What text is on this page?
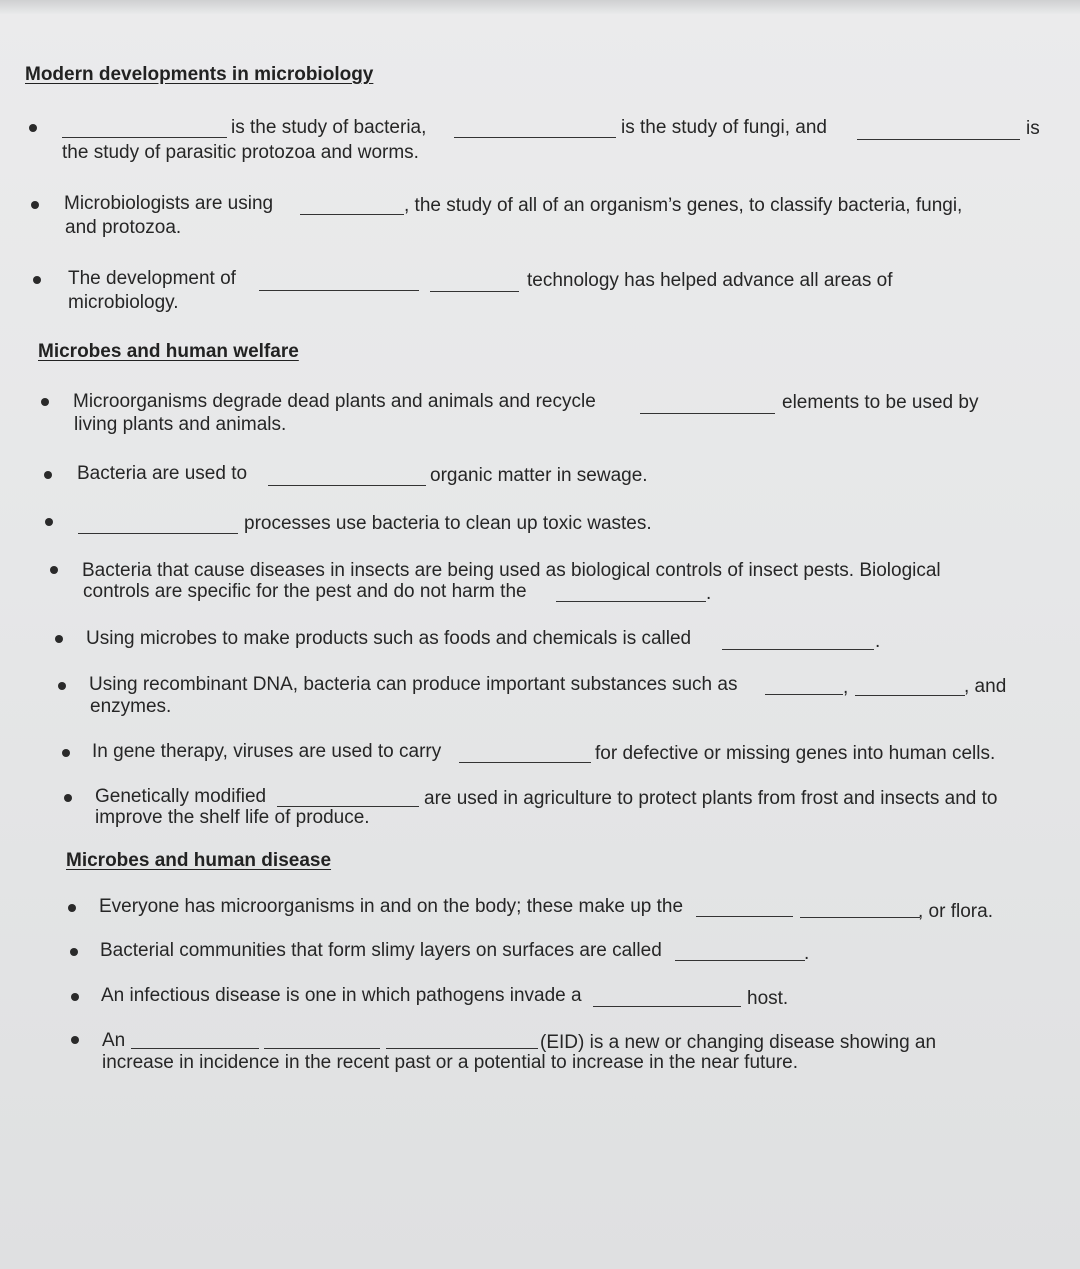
Modern developments in microbiology
is the study of bacteria,	is the study of fungi, and	is
the study of parasitic protozoa and worms.
Microbiologists are using	, the study of all of an organism’s genes, to classify bacteria, fungi,
and protozoa.
The development of	technology has helped advance all areas of
microbiology.
Microbes and human welfare
Microorganisms degrade dead plants and animals and recycle	elements to be used by
living plants and animals.
Bacteria are used to	organic matter in sewage.
processes use bacteria to clean up toxic wastes.
Bacteria that cause diseases in insects are being used as biological controls of insect pests. Biological
controls are specific for the pest and do not harm the	.
Using microbes to make products such as foods and chemicals is called	.
Using recombinant DNA, bacteria can produce important substances such as	,	, and
enzymes.
In gene therapy, viruses are used to carry	for defective or missing genes into human cells.
Genetically modified	are used in agriculture to protect plants from frost and insects and to
improve the shelf life of produce.
Microbes and human disease
Everyone has microorganisms in and on the body; these make up the	, or flora.
Bacterial communities that form slimy layers on surfaces are called	.
An infectious disease is one in which pathogens invade a	host.
An	(EID) is a new or changing disease showing an
increase in incidence in the recent past or a potential to increase in the near future.
